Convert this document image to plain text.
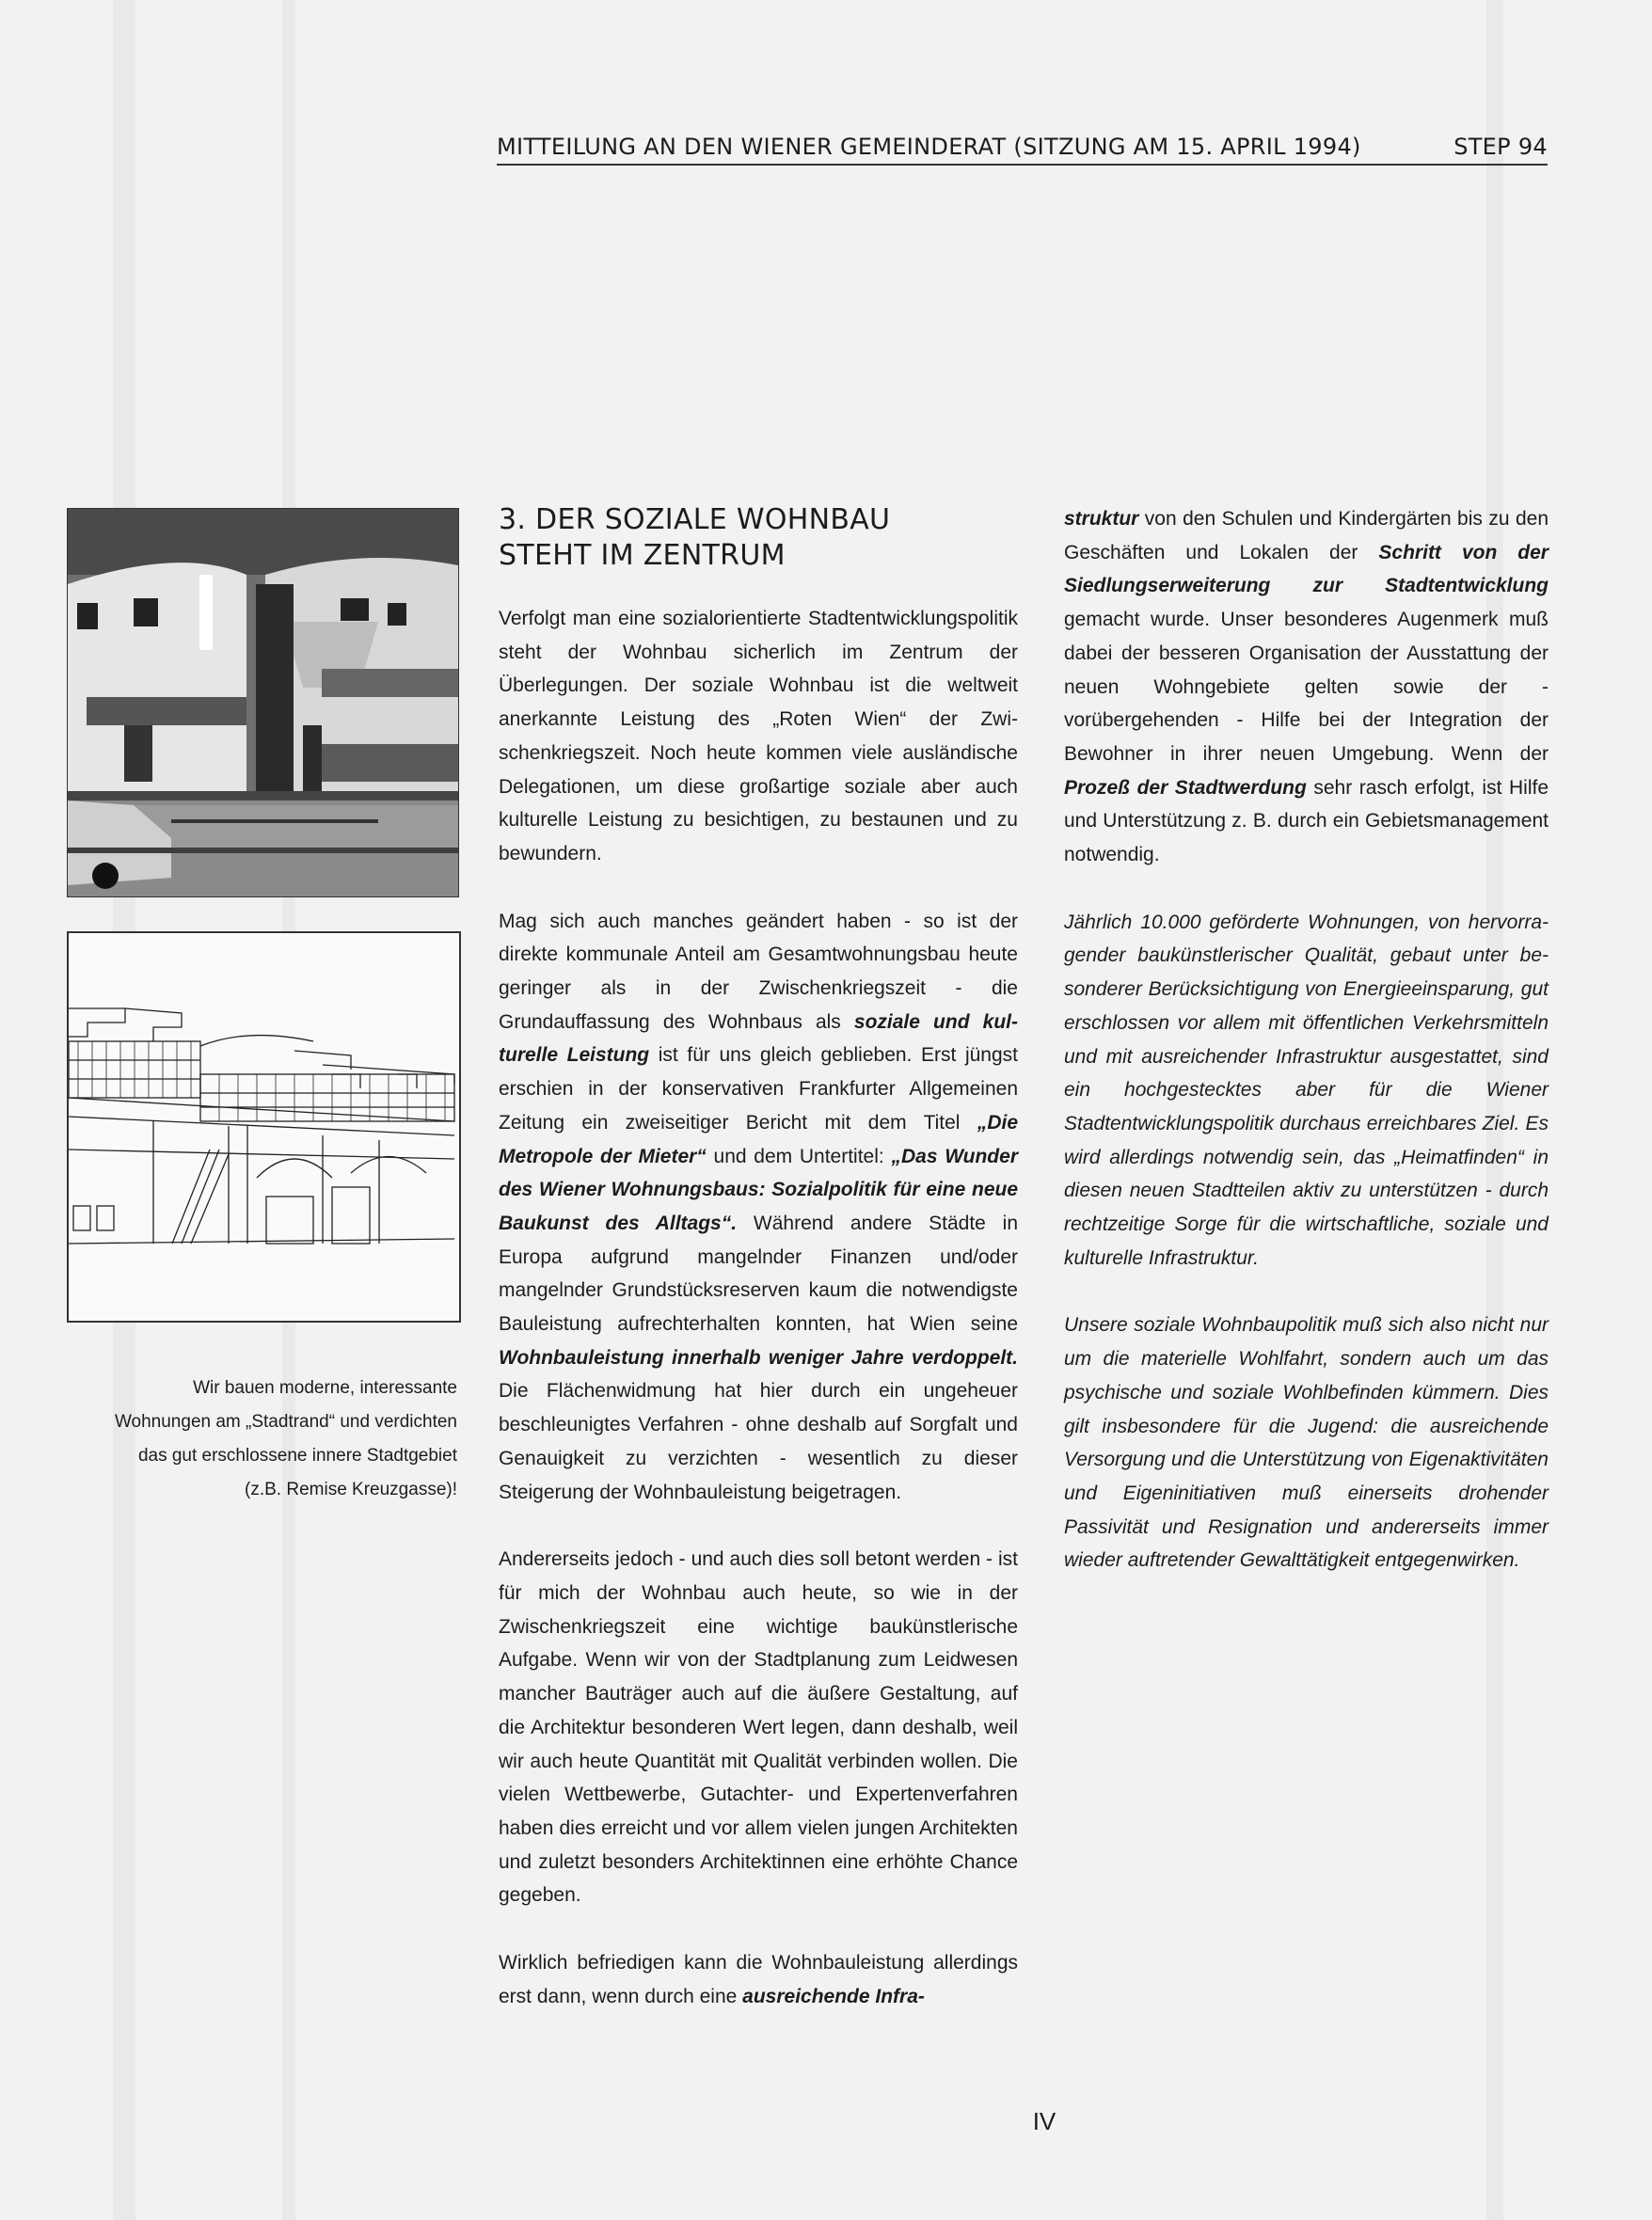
MITTEILUNG AN DEN WIENER GEMEINDERAT (SITZUNG AM 15. APRIL 1994)	STEP 94
Wir bauen moderne, interessante
Wohnungen am „Stadtrand“ und verdichten
das gut erschlossene innere Stadtgebiet
(z.B. Remise Kreuzgasse)!
3. DER SOZIALE WOHNBAU
STEHT IM ZENTRUM

Verfolgt man eine sozialorientierte Stadtentwicklungspolitik steht der Wohnbau sicherlich im Zentrum der Überlegungen. Der soziale Wohnbau ist die weltweit anerkannte Leistung des „Roten Wien“ der Zwischenkriegszeit. Noch heute kommen viele ausländische Delegationen, um diese großartige soziale aber auch kulturelle Leistung zu besichtigen, zu bestaunen und zu bewundern.

Mag sich auch manches geändert haben - so ist der direkte kommunale Anteil am Gesamtwohnungsbau heute geringer als in der Zwischenkriegszeit - die Grundauffassung des Wohnbaus als soziale und kulturelle Leistung ist für uns gleich geblieben. Erst jüngst erschien in der konservativen Frankfurter Allgemeinen Zeitung ein zweiseitiger Bericht mit dem Titel „Die Metropole der Mieter“ und dem Untertitel: „Das Wunder des Wiener Wohnungsbaus: Sozialpolitik für eine neue Baukunst des Alltags“. Während andere Städte in Europa aufgrund mangelnder Finanzen und/oder mangelnder Grundstücksreserven kaum die notwendigste Bauleistung aufrechterhalten konnten, hat Wien seine Wohnbauleistung innerhalb weniger Jahre verdoppelt. Die Flächenwidmung hat hier durch ein ungeheuer beschleunigtes Verfahren - ohne deshalb auf Sorgfalt und Genauigkeit zu verzichten - wesentlich zu dieser Steigerung der Wohnbauleistung beigetragen.

Andererseits jedoch - und auch dies soll betont werden - ist für mich der Wohnbau auch heute, so wie in der Zwischenkriegszeit eine wichtige baukünstlerische Aufgabe. Wenn wir von der Stadtplanung zum Leidwesen mancher Bauträger auch auf die äußere Gestaltung, auf die Architektur besonderen Wert legen, dann deshalb, weil wir auch heute Quantität mit Qualität verbinden wollen. Die vielen Wettbewerbe, Gutachter- und Expertenverfahren haben dies erreicht und vor allem vielen jungen Architekten und zuletzt besonders Architektinnen eine erhöhte Chance gegeben.

Wirklich befriedigen kann die Wohnbauleistung allerdings erst dann, wenn durch eine ausreichende Infra-

struktur von den Schulen und Kindergärten bis zu den Geschäften und Lokalen der Schritt von der Siedlungserweiterung zur Stadtentwicklung gemacht wurde. Unser besonderes Augenmerk muß dabei der besseren Organisation der Ausstattung der neuen Wohngebiete gelten sowie der - vorübergehenden - Hilfe bei der Integration der Bewohner in ihrer neuen Umgebung. Wenn der Prozeß der Stadtwerdung sehr rasch erfolgt, ist Hilfe und Unterstützung z. B. durch ein Gebietsmanagement notwendig.

Jährlich 10.000 geförderte Wohnungen, von hervorragender baukünstlerischer Qualität, gebaut unter besonderer Berücksichtigung von Energieeinsparung, gut erschlossen vor allem mit öffentlichen Verkehrsmitteln und mit ausreichender Infrastruktur ausgestattet, sind ein hochgestecktes aber für die Wiener Stadtentwicklungspolitik durchaus erreichbares Ziel. Es wird allerdings notwendig sein, das „Heimatfinden“ in diesen neuen Stadtteilen aktiv zu unterstützen - durch rechtzeitige Sorge für die wirtschaftliche, soziale und kulturelle Infrastruktur.

Unsere soziale Wohnbaupolitik muß sich also nicht nur um die materielle Wohlfahrt, sondern auch um das psychische und soziale Wohlbefinden kümmern. Dies gilt insbesondere für die Jugend: die ausreichende Versorgung und die Unterstützung von Eigenaktivitäten und Eigeninitiativen muß einerseits drohender Passivität und Resignation und andererseits immer wieder auftretender Gewalttätigkeit entgegenwirken.

IV
